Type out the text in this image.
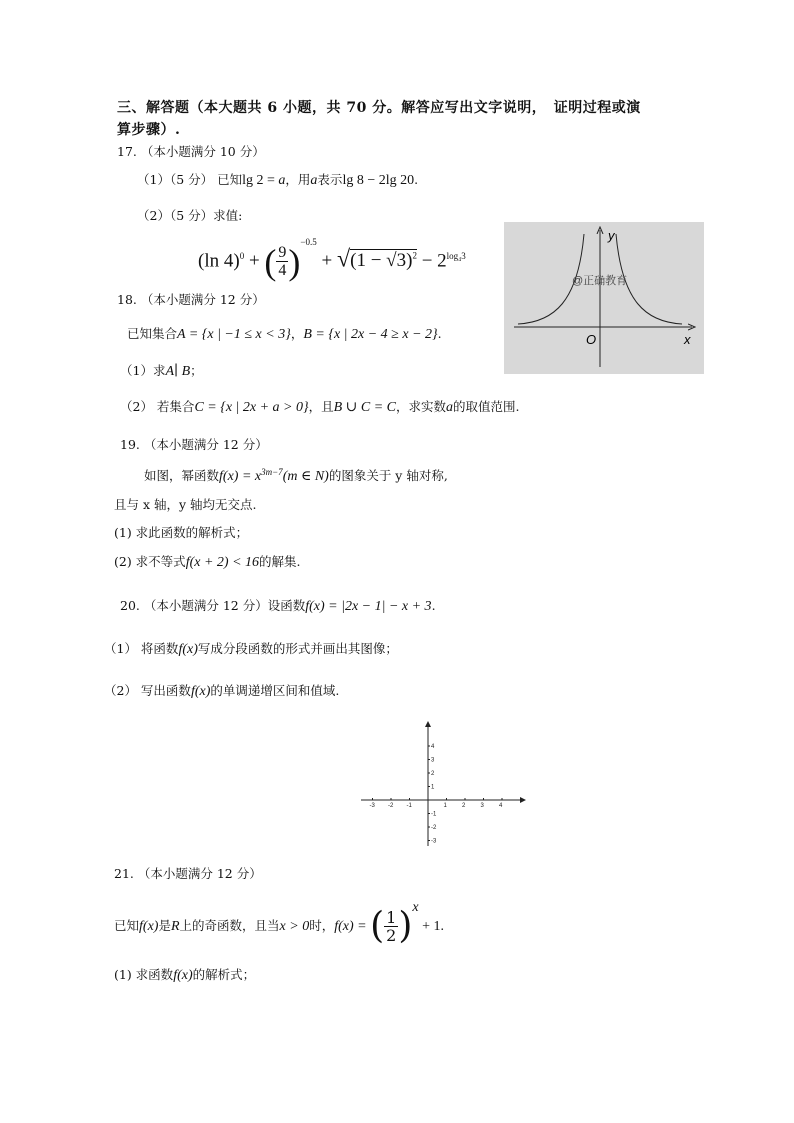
三、解答题（本大题共 6 小题，共 70 分。解答应写出文字说明，　证明过程或演
算步骤）.
17. （本小题满分 10 分）
（1）（5 分） 已知lg 2 = a，用a表示lg 8 − 2lg 20.
（2）（5 分）求值:
(ln 4)$^0$ + ( $\frac{9}{4} )^{-0.5} + √(1 - √3)^2 - 2^{log_43}$
y
x
O
@正确教育
18. （本小题满分 12 分）
已知集合A = {x | −1 ≤ x < 3}，B = {x | 2x − 4 ≥ x − 2}.
（1）求A∣ B；
（2） 若集合C = {x | 2x + a > 0}，且B ∪ C = C，求实数a的取值范围.
19. （本小题满分 12 分）
如图，幂函数$f(x) = x^{3m-7}(m$ ∈ N)的图象关于 y 轴对称,
且与 x 轴，y 轴均无交点.
(1) 求此函数的解析式；
(2) 求不等式f(x + 2) < 16的解集.
20. （本小题满分 12 分）设函数f(x) = |2x − 1| − x + 3.
（1） 将函数f(x)写成分段函数的形式并画出其图像；
（2） 写出函数f(x)的单调递增区间和值域.
-3 -2 -1	1	2	3	4
4
3
2
1
-1
-2
-3
21. （本小题满分 12 分）
已知f(x)是R上的奇函数，且当x > 0时，f(x) = ( $\frac{1}{2} )^x + 1$.
(1) 求函数f(x)的解析式；
